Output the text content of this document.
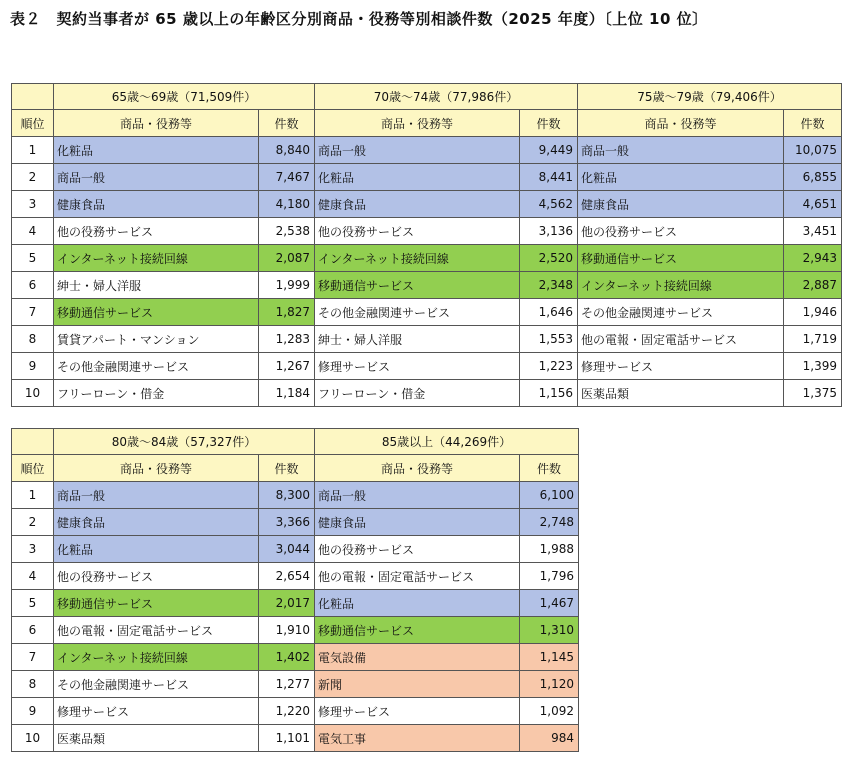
表２　契約当事者が 65 歳以上の年齢区分別商品・役務等別相談件数（2025 年度）〔上位 10 位〕
	65歳～69歳（71,509件）		70歳～74歳（77,986件）		75歳～79歳（79,406件）	
順位	商品・役務等	件数	商品・役務等	件数	商品・役務等	件数
1	化粧品	8,840	商品一般	9,449	商品一般	10,075
2	商品一般	7,467	化粧品	8,441	化粧品	6,855
3	健康食品	4,180	健康食品	4,562	健康食品	4,651
4	他の役務サービス	2,538	他の役務サービス	3,136	他の役務サービス	3,451
5	インターネット接続回線	2,087	インターネット接続回線	2,520	移動通信サービス	2,943
6	紳士・婦人洋服	1,999	移動通信サービス	2,348	インターネット接続回線	2,887
7	移動通信サービス	1,827	その他金融関連サービス	1,646	その他金融関連サービス	1,946
8	賃貸アパート・マンション	1,283	紳士・婦人洋服	1,553	他の電報・固定電話サービス	1,719
9	その他金融関連サービス	1,267	修理サービス	1,223	修理サービス	1,399
10	フリーローン・借金	1,184	フリーローン・借金	1,156	医薬品類	1,375
	80歳～84歳（57,327件）		85歳以上（44,269件）	
順位	商品・役務等	件数	商品・役務等	件数
1	商品一般	8,300	商品一般	6,100
2	健康食品	3,366	健康食品	2,748
3	化粧品	3,044	他の役務サービス	1,988
4	他の役務サービス	2,654	他の電報・固定電話サービス	1,796
5	移動通信サービス	2,017	化粧品	1,467
6	他の電報・固定電話サービス	1,910	移動通信サービス	1,310
7	インターネット接続回線	1,402	電気設備	1,145
8	その他金融関連サービス	1,277	新聞	1,120
9	修理サービス	1,220	修理サービス	1,092
10	医薬品類	1,101	電気工事	984
